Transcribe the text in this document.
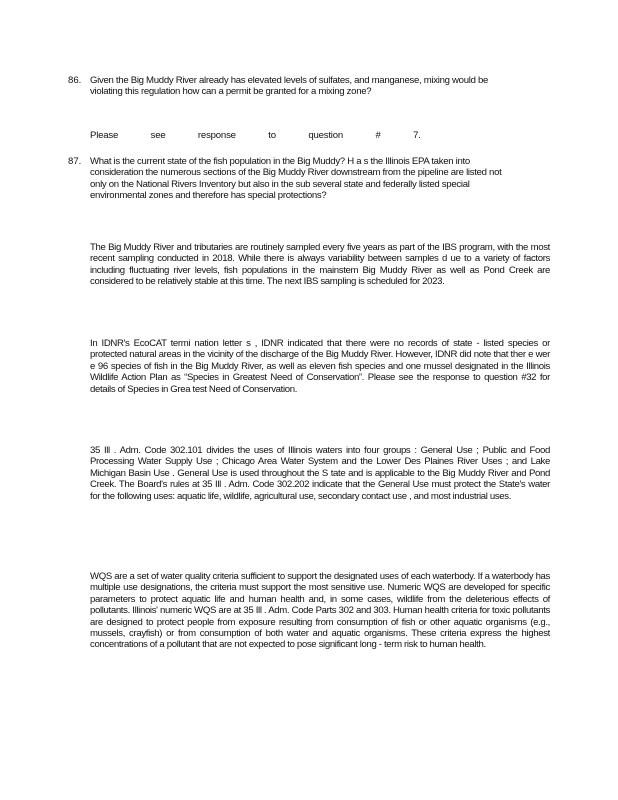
86. Given the Big Muddy River already has elevated levels of sulfates, and manganese, mixing would be violating this regulation how can a permit be granted for a mixing zone?
Please see response to question # 7.
87. What is the current state of the fish population in the Big Muddy? H a s the Illinois EPA taken into consideration the numerous sections of the Big Muddy River downstream from the pipeline are listed not only on the National Rivers Inventory but also in the sub several state and federally listed special environmental zones and therefore has special protections?
The Big Muddy River and tributaries are routinely sampled every five years as part of the IBS program, with the most recent sampling conducted in 2018. While there is always variability between samples d ue to a variety of factors including fluctuating river levels, fish populations in the mainstem Big Muddy River as well as Pond Creek are considered to be relatively stable at this time. The next IBS sampling is scheduled for 2023.
In IDNR's EcoCAT termi nation letter s , IDNR indicated that there were no records of state - listed species or protected natural areas in the vicinity of the discharge of the Big Muddy River. However, IDNR did note that ther e wer e 96 species of fish in the Big Muddy River, as well as eleven fish species and one mussel designated in the Illinois Wildlife Action Plan as “Species in Greatest Need of Conservation”. Please see the response to question #32 for details of Species in Grea test Need of Conservation.
35 Ill . Adm. Code 302.101 divides the uses of Illinois waters into four groups : General Use ; Public and Food Processing Water Supply Use ; Chicago Area Water System and the Lower Des Plaines River Uses ; and Lake Michigan Basin Use . General Use is used throughout the S tate and is applicable to the Big Muddy River and Pond Creek. The Board's rules at 35 Ill . Adm. Code 302.202 indicate that the General Use must protect the State's water for the following uses: aquatic life, wildlife, agricultural use, secondary contact use , and most industrial uses.
WQS are a set of water quality criteria sufficient to support the designated uses of each waterbody. If a waterbody has multiple use designations, the criteria must support the most sensitive use. Numeric WQS are developed for specific parameters to protect aquatic life and human health and, in some cases, wildlife from the deleterious effects of pollutants. Illinois' numeric WQS are at 35 Ill . Adm. Code Parts 302 and 303. Human health criteria for toxic pollutants are designed to protect people from exposure resulting from consumption of fish or other aquatic organisms (e.g., mussels, crayfish) or from consumption of both water and aquatic organisms. These criteria express the highest concentrations of a pollutant that are not expected to pose significant long - term risk to human health.
